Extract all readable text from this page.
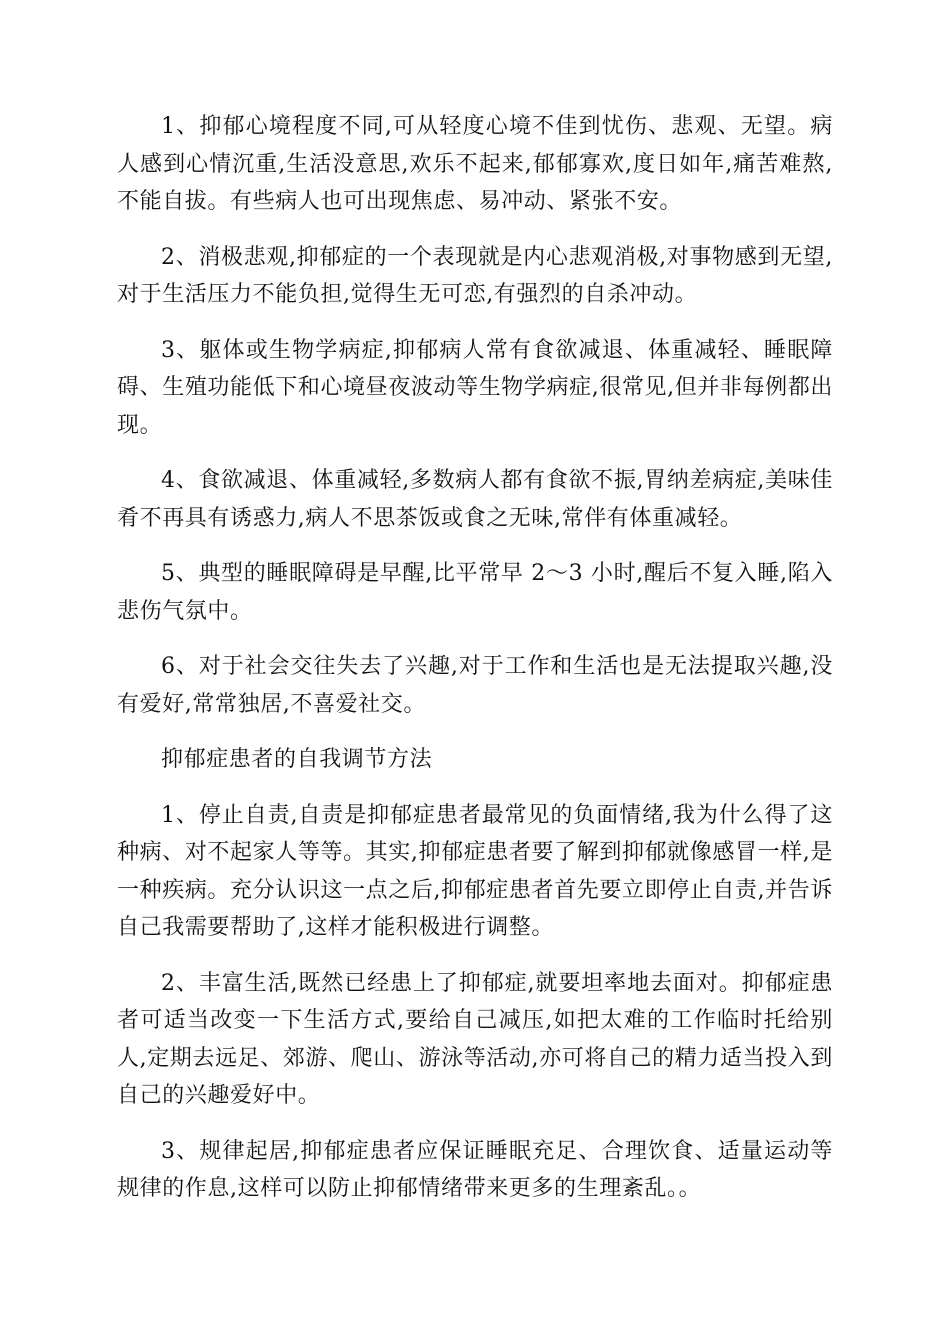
1、抑郁心境程度不同,可从轻度心境不佳到忧伤、悲观、无望。病人感到心情沉重,生活没意思,欢乐不起来,郁郁寡欢,度日如年,痛苦难熬,不能自拔。有些病人也可出现焦虑、易冲动、紧张不安。

2、消极悲观,抑郁症的一个表现就是内心悲观消极,对事物感到无望,对于生活压力不能负担,觉得生无可恋,有强烈的自杀冲动。

3、躯体或生物学病症,抑郁病人常有食欲减退、体重减轻、睡眠障碍、生殖功能低下和心境昼夜波动等生物学病症,很常见,但并非每例都出现。

4、食欲减退、体重减轻,多数病人都有食欲不振,胃纳差病症,美味佳肴不再具有诱惑力,病人不思茶饭或食之无味,常伴有体重减轻。

5、典型的睡眠障碍是早醒,比平常早 2～3 小时,醒后不复入睡,陷入悲伤气氛中。

6、对于社会交往失去了兴趣,对于工作和生活也是无法提取兴趣,没有爱好,常常独居,不喜爱社交。

抑郁症患者的自我调节方法

1、停止自责,自责是抑郁症患者最常见的负面情绪,我为什么得了这种病、对不起家人等等。其实,抑郁症患者要了解到抑郁就像感冒一样,是一种疾病。充分认识这一点之后,抑郁症患者首先要立即停止自责,并告诉自己我需要帮助了,这样才能积极进行调整。

2、丰富生活,既然已经患上了抑郁症,就要坦率地去面对。抑郁症患者可适当改变一下生活方式,要给自己减压,如把太难的工作临时托给别人,定期去远足、郊游、爬山、游泳等活动,亦可将自己的精力适当投入到自己的兴趣爱好中。

3、规律起居,抑郁症患者应保证睡眠充足、合理饮食、适量运动等规律的作息,这样可以防止抑郁情绪带来更多的生理紊乱。。
